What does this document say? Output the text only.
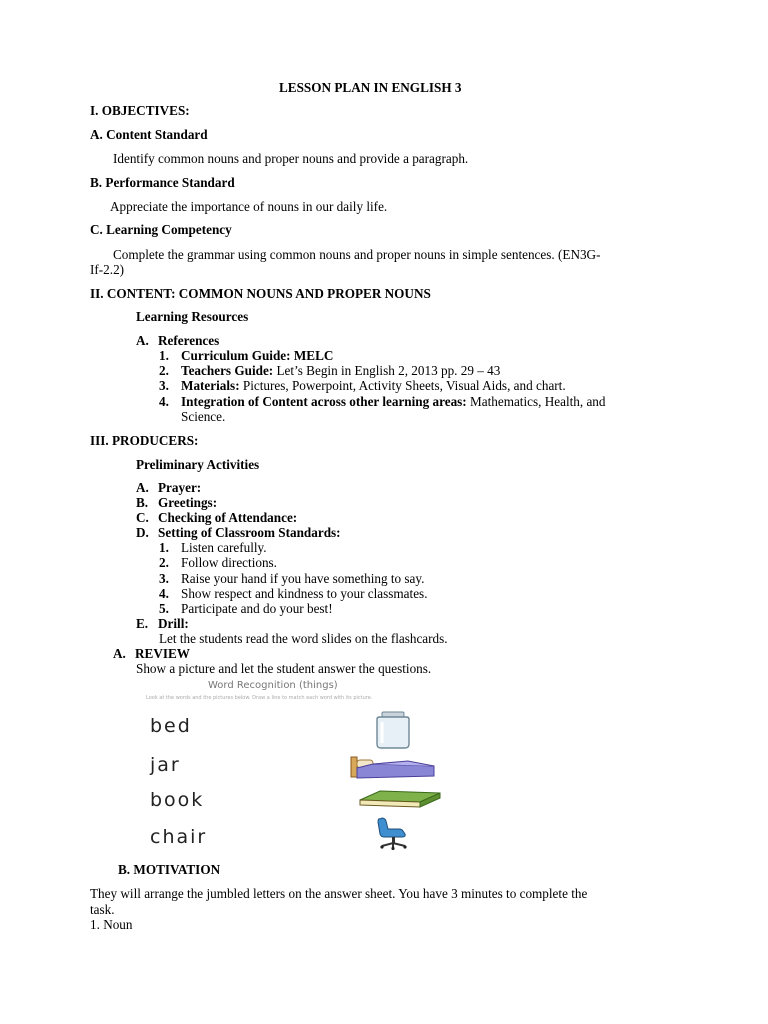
LESSON PLAN IN ENGLISH 3
I. OBJECTIVES:
A. Content Standard
Identify common nouns and proper nouns and provide a paragraph.
B. Performance Standard
Appreciate the importance of nouns in our daily life.
C. Learning Competency
Complete the grammar using common nouns and proper nouns in simple sentences. (EN3G-
If-2.2)
II. CONTENT: COMMON NOUNS AND PROPER NOUNS
Learning Resources
A. References
1. Curriculum Guide: MELC
2. Teachers Guide: Let’s Begin in English 2, 2013 pp. 29 – 43
3. Materials: Pictures, Powerpoint, Activity Sheets, Visual Aids, and chart.
4. Integration of Content across other learning areas: Mathematics, Health, and
Science.
III. PRODUCERS:
Preliminary Activities
A. Prayer:
B. Greetings:
C. Checking of Attendance:
D. Setting of Classroom Standards:
1. Listen carefully.
2. Follow directions.
3. Raise your hand if you have something to say.
4. Show respect and kindness to your classmates.
5. Participate and do your best!
E. Drill:
Let the students read the word slides on the flashcards.
A. REVIEW
Show a picture and let the student answer the questions.
Word Recognition (things)
Look at the words and the pictures below. Draw a line to match each word with its picture.
bed
jar
book
chair
B. MOTIVATION
They will arrange the jumbled letters on the answer sheet. You have 3 minutes to complete the
task.
1. Noun
